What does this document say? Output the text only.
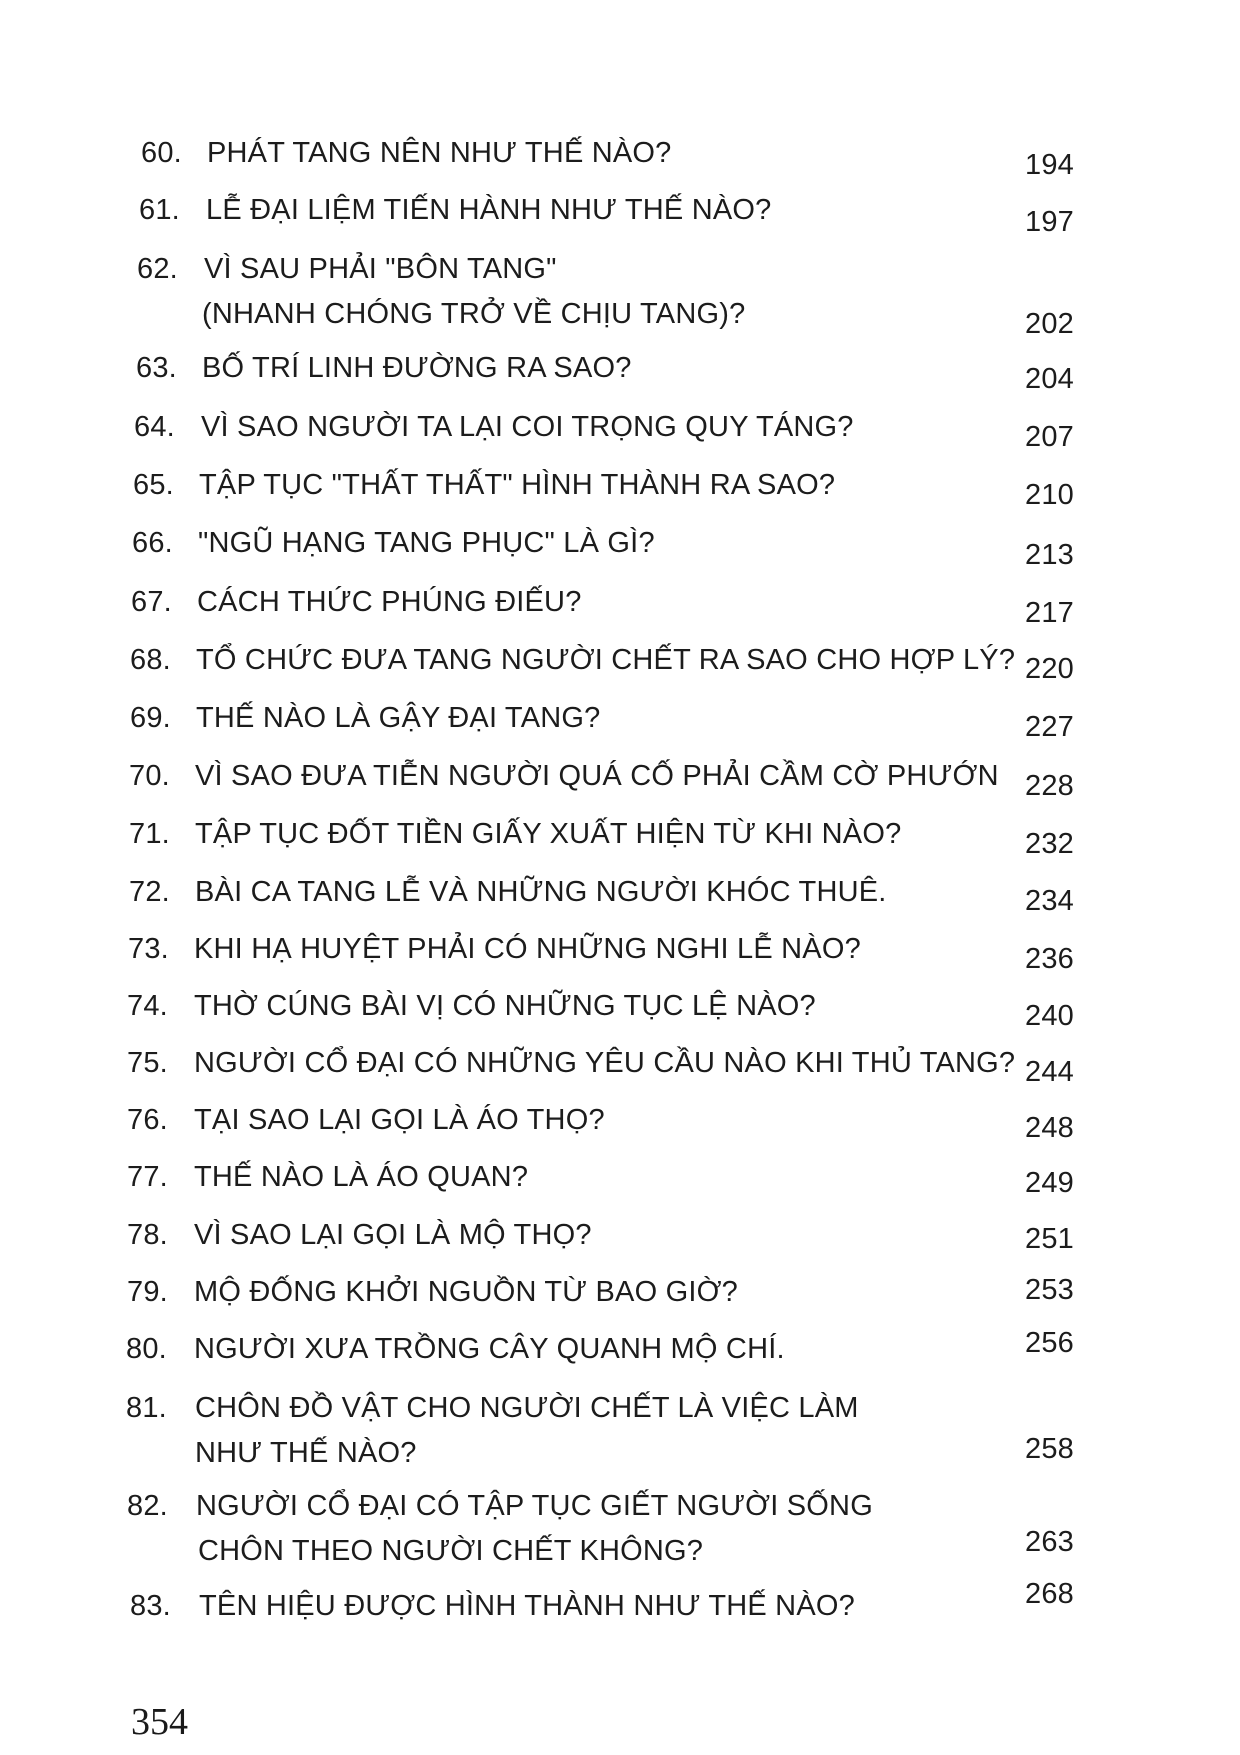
60. PHÁT TANG NÊN NHƯ THẾ NÀO?	194
61. LỄ ĐẠI LIỆM TIẾN HÀNH NHƯ THẾ NÀO?	197
62. VÌ SAU PHẢI "BÔN TANG"
(NHANH CHÓNG TRỞ VỀ CHỊU TANG)?	202
63. BỐ TRÍ LINH ĐƯỜNG RA SAO?	204
64. VÌ SAO NGƯỜI TA LẠI COI TRỌNG QUY TÁNG?	207
65. TẬP TỤC "THẤT THẤT" HÌNH THÀNH RA SAO?	210
66. "NGŨ HẠNG TANG PHỤC" LÀ GÌ?	213
67. CÁCH THỨC PHÚNG ĐIẾU?	217
68. TỔ CHỨC ĐƯA TANG NGƯỜI CHẾT RA SAO CHO HỢP LÝ? 220
69. THẾ NÀO LÀ GẬY ĐẠI TANG?	227
70. VÌ SAO ĐƯA TIỄN NGƯỜI QUÁ CỐ PHẢI CẦM CỜ PHƯỚN 228
71. TẬP TỤC ĐỐT TIỀN GIẤY XUẤT HIỆN TỪ KHI NÀO?	232
72. BÀI CA TANG LỄ VÀ NHỮNG NGƯỜI KHÓC THUÊ.	234
73. KHI HẠ HUYỆT PHẢI CÓ NHỮNG NGHI LỄ NÀO?	236
74. THỜ CÚNG BÀI VỊ CÓ NHỮNG TỤC LỆ NÀO?	240
75. NGƯỜI CỔ ĐẠI CÓ NHỮNG YÊU CẦU NÀO KHI THỦ TANG? 244
76. TẠI SAO LẠI GỌI LÀ ÁO THỌ?	248
77. THẾ NÀO LÀ ÁO QUAN?	249
78. VÌ SAO LẠI GỌI LÀ MỘ THỌ?	251
79. MỘ ĐỐNG KHỞI NGUỒN TỪ BAO GIỜ?	253
80. NGƯỜI XƯA TRỒNG CÂY QUANH MỘ CHÍ.	256
81. CHÔN ĐỒ VẬT CHO NGƯỜI CHẾT LÀ VIỆC LÀM
NHƯ THẾ NÀO?	258
82. NGƯỜI CỔ ĐẠI CÓ TẬP TỤC GIẾT NGƯỜI SỐNG
CHÔN THEO NGƯỜI CHẾT KHÔNG?	263
83. TÊN HIỆU ĐƯỢC HÌNH THÀNH NHƯ THẾ NÀO?	268
354
